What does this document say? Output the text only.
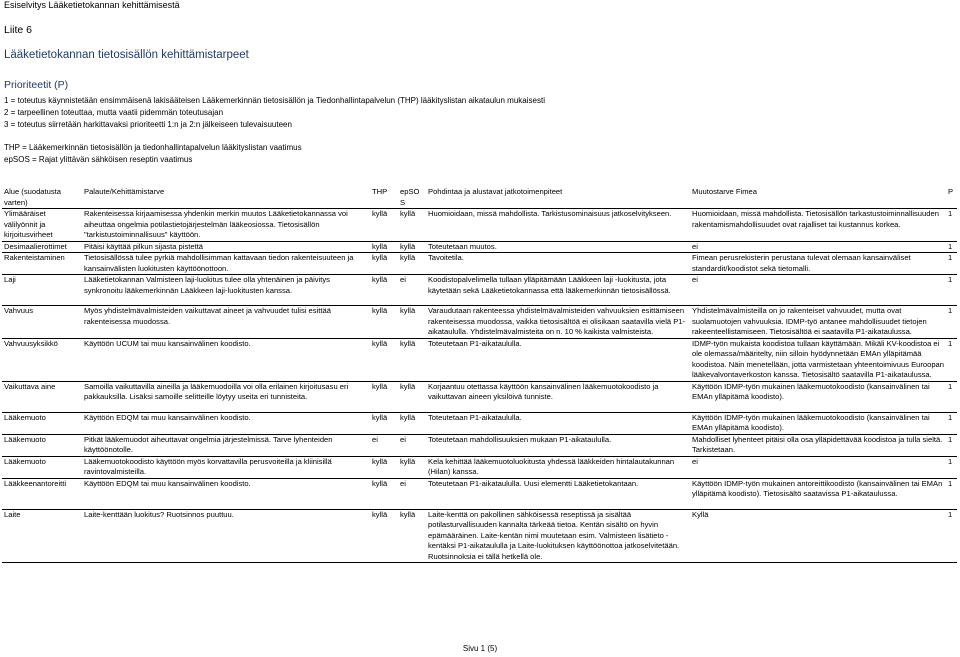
Esiselvitys Lääketietokannan kehittämisestä
Liite 6
Lääketietokannan tietosisällön kehittämistarpeet
Prioriteetit (P)
1 = toteutus käynnistetään ensimmäisenä lakisääteisen Lääkemerkinnän tietosisällön ja Tiedonhallintapalvelun (THP) lääkityslistan aikataulun mukaisesti
2 = tarpeellinen toteuttaa, mutta vaatii pidemmän toteutusajan
3 = toteutus siirretään harkittavaksi prioriteetti 1:n ja 2:n jälkeiseen tulevaisuuteen
THP = Lääkemerkinnän tietosisällön ja tiedonhallintapalvelun lääkityslistan vaatimus
epSOS = Rajat ylittävän sähköisen reseptin vaatimus
Alue (suodatusta varten)	Palaute/Kehittämistarve	THP	epSOS	Pohdintaa ja alustavat jatkotoimenpiteet	Muutostarve Fimea	P
Ylimääräiset välilyönnit ja kirjoitusvirheet	Rakenteisessa kirjaamisessa yhdenkin merkin muutos Lääketietokannassa voi aiheuttaa ongelmia potilastietojärjestelmän lääkeosiossa. Tietosisällön "tarkistustoiminnallisuus" käyttöön.	kyllä	kyllä	Huomioidaan, missä mahdollista. Tarkistusominaisuus jatkoselvitykseen.	Huomioidaan, missä mahdollista. Tietosisällön tarkastustoiminnallisuuden rakentamismahdollisuudet ovat rajalliset tai kustannus korkea.	1
Desimaalierottimet	Pitäisi käyttää pilkun sijasta pistettä	kyllä	kyllä	Toteutetaan muutos.	ei	1
Rakenteistaminen	Tietosisällössä tulee pyrkiä mahdollisimman kattavaan tiedon rakenteisuuteen ja kansainvälisten luokitusten käyttöönottoon.	kyllä	kyllä	Tavoitetila.	Fimean perusrekisterin perustana tulevat olemaan kansainväliset standardit/koodistot sekä tietomalli.	1
Laji	Lääketietokannan Valmisteen laji-luokitus tulee olla yhtenäinen ja päivitys synkronoitu lääkemerkinnän Lääkkeen laji-luokitusten kanssa.	kyllä	ei	Koodistopalvelimella tullaan ylläpitämään Lääkkeen laji -luokitusta, jota käytetään sekä Lääketietokannassa että lääkemerkinnän tietosisällössä.	ei	1
Vahvuus	Myös yhdistelmävalmisteiden vaikuttavat aineet ja vahvuudet tulisi esittää rakenteisessa muodossa.	kyllä	kyllä	Varaudutaan rakenteessa yhdistelmävalmisteiden vahvuuksien esittämiseen rakenteisessa muodossa, vaikka tietosisältöä ei olisikaan saatavilla vielä P1-aikataululla. Yhdistelmävalmisteita on n. 10 % kaikista valmisteista.	Yhdistelmävalmisteilla on jo rakenteiset vahvuudet, mutta ovat suolamuotojen vahvuuksia. IDMP-työ antanee mahdollisuudet tietojen rakeenteellistamiseen. Tietosisältöä ei saatavilla P1-aikataulussa.	1
Vahvuusyksikkö	Käyttöön UCUM tai muu kansainvälinen koodisto.	kyllä	kyllä	Toteutetaan P1-aikataululla.	IDMP-työn mukaista koodistoa tullaan käyttämään. Mikäli KV-koodistoa ei ole olemassa/määritelty, niin silloin hyödynnetään EMAn ylläpitämää koodistoa. Näin menetellään, jotta varmistetaan yhteentoimivuus Euroopan lääkevalvontaverkoston kanssa. Tietosisältö saatavilla P1-aikataulussa.	1
Vaikuttava aine	Samoilla vaikuttavilla aineilla ja lääkemuodoilla voi olla erilainen kirjoitusasu eri pakkauksilla. Lisäksi samoille selitteille löytyy useita eri tunnisteita.	kyllä	kyllä	Korjaantuu otettassa käyttöön kansainvälinen lääkemuotokoodisto ja vaikuttavan aineen yksilöivä tunniste.	Käyttöön IDMP-työn mukainen lääkemuotokoodisto (kansainvälinen tai EMAn ylläpitämä koodisto).	1
Lääkemuoto	Käyttöön EDQM tai muu kansainvälinen koodisto.	kyllä	kyllä	Toteutetaan P1-aikataululla.	Käyttöön IDMP-työn mukainen lääkemuotokoodisto (kansainvälinen tai EMAn ylläpitämä koodisto).	1
Lääkemuoto	Pitkät lääkemuodot aiheuttavat ongelmia järjestelmissä. Tarve lyhenteiden käyttöönotolle.	ei	ei	Toteutetaan mahdollisuuksien mukaan P1-aikataululla.	Mahdolliset lyhenteet pitäisi olla osa ylläpidettävää koodistoa ja tulla sieltä. Tarkistetaan.	1
Lääkemuoto	Lääkemuotokoodisto käyttöön myös korvattavilla perusvoiteilla ja kliinisillä ravintovalmisteilla.	kyllä	kyllä	Kela kehittää lääkemuotoluokitusta yhdessä lääkkeiden hintalautakunnan (Hilan) kanssa.	ei	1
Lääkkeenantoreitti	Käyttöön EDQM tai muu kansainvälinen koodisto.	kyllä	ei	Toteutetaan P1-aikataululla. Uusi elementti Lääketietokantaan.	Käyttöön IDMP-työn mukainen antoreittikoodisto (kansainvälinen tai EMAn ylläpitämä koodisto). Tietosisältö saatavissa P1-aikataulussa.	1
Laite	Laite-kenttään luokitus? Ruotsinnos puuttuu.	kyllä	kyllä	Laite-kenttä on pakollinen sähköisessä reseptissä ja sisältää potilasturvallisuuden kannalta tärkeää tietoa. Kentän sisältö on hyvin epämääräinen. Laite-kentän nimi muutetaan esim. Valmisteen lisätieto -kentäksi P1-aikataululla ja Laite-luokituksen käyttöönottoa jatkoselvitetään. Ruotsinnoksia ei tällä hetkellä ole.	Kyllä	1
Sivu 1 (5)
